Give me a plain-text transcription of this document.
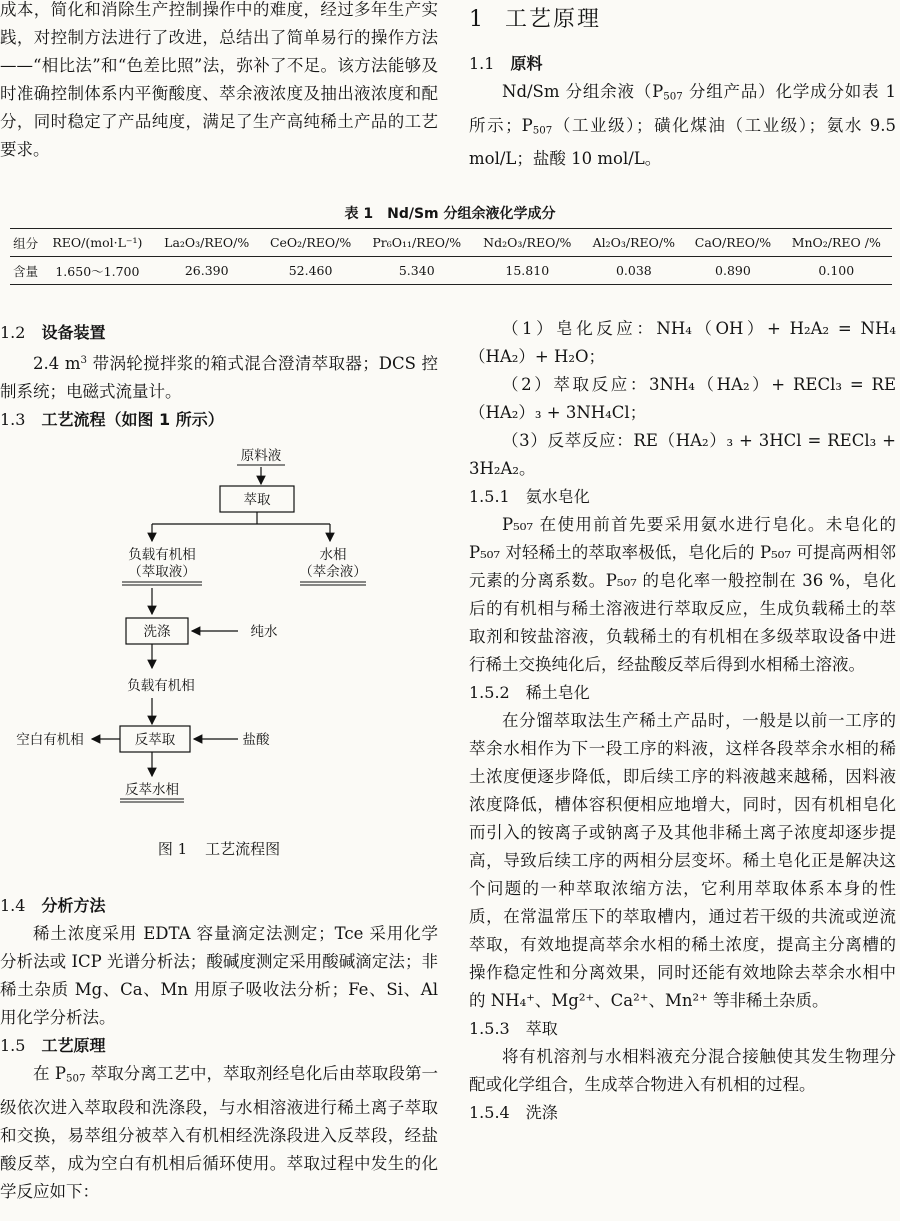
成本，简化和消除生产控制操作中的难度，经过多年生产实践，对控制方法进行了改进，总结出了简单易行的操作方法——“相比法”和“色差比照”法，弥补了不足。该方法能够及时准确控制体系内平衡酸度、萃余液浓度及抽出液浓度和配分，同时稳定了产品纯度，满足了生产高纯稀土产品的工艺要求。

1 工艺原理
1.1 原料

Nd/Sm 分组余液（$P_{507}$ 分组产品）化学成分如表 1 所示；$P_{507}$（工业级）；磺化煤油（工业级）；氨水 9.5 mol/L；盐酸 10 mol/L。

表 1 Nd/Sm 分组余液化学成分
组分	REO/(mol·L⁻¹)	La₂O₃/REO/%	CeO₂/REO/%	Pr₆O₁₁/REO/%	Nd₂O₃/REO/%	Al₂O₃/REO/%	CaO/REO/%	MnO₂/REO /%
含量	1.650～1.700	26.390	52.460	5.340	15.810	0.038	0.890	0.100
1.2 设备装置

2.4 $m^3$ 带涡轮搅拌浆的箱式混合澄清萃取器；DCS 控制系统；电磁式流量计。

1.3 工艺流程（如图 1 所示）
原料液
萃取
负载有机相
（萃取液）
水相
（萃余液）
洗涤	纯水
负载有机相
反萃取
空白有机相	盐酸
反萃水相
图 1 工艺流程图
1.4 分析方法

稀土浓度采用 EDTA 容量滴定法测定；Tce 采用化学分析法或 ICP 光谱分析法；酸碱度测定采用酸碱滴定法；非稀土杂质 Mg、Ca、Mn 用原子吸收法分析；Fe、Si、Al 用化学分析法。

1.5 工艺原理

在 $P_{507}$ 萃取分离工艺中，萃取剂经皂化后由萃取段第一级依次进入萃取段和洗涤段，与水相溶液进行稀土离子萃取和交换，易萃组分被萃入有机相经洗涤段进入反萃段，经盐酸反萃，成为空白有机相后循环使用。萃取过程中发生的化学反应如下：

（1）皂化反应：NH₄（OH）+ H₂A₂ = NH₄（HA₂）+ H₂O；

（2）萃取反应：3NH₄（HA₂）+ RECl₃ = RE（HA₂）₃ + 3NH₄Cl；

（3）反萃反应：RE（HA₂）₃ + 3HCl = RECl₃ + 3H₂A₂。

1.5.1 氨水皂化

P₅₀₇ 在使用前首先要采用氨水进行皂化。未皂化的 P₅₀₇ 对轻稀土的萃取率极低，皂化后的 P₅₀₇ 可提高两相邻元素的分离系数。P₅₀₇ 的皂化率一般控制在 36 %，皂化后的有机相与稀土溶液进行萃取反应，生成负载稀土的萃取剂和铵盐溶液，负载稀土的有机相在多级萃取设备中进行稀土交换纯化后，经盐酸反萃后得到水相稀土溶液。

1.5.2 稀土皂化

在分馏萃取法生产稀土产品时，一般是以前一工序的萃余水相作为下一段工序的料液，这样各段萃余水相的稀土浓度便逐步降低，即后续工序的料液越来越稀，因料液浓度降低，槽体容积便相应地增大，同时，因有机相皂化而引入的铵离子或钠离子及其他非稀土离子浓度却逐步提高，导致后续工序的两相分层变坏。稀土皂化正是解决这个问题的一种萃取浓缩方法，它利用萃取体系本身的性质，在常温常压下的萃取槽内，通过若干级的共流或逆流萃取，有效地提高萃余水相的稀土浓度，提高主分离槽的操作稳定性和分离效果，同时还能有效地除去萃余水相中的 NH₄⁺、Mg²⁺、Ca²⁺、Mn²⁺ 等非稀土杂质。

1.5.3 萃取

将有机溶剂与水相料液充分混合接触使其发生物理分配或化学组合，生成萃合物进入有机相的过程。

1.5.4 洗涤
